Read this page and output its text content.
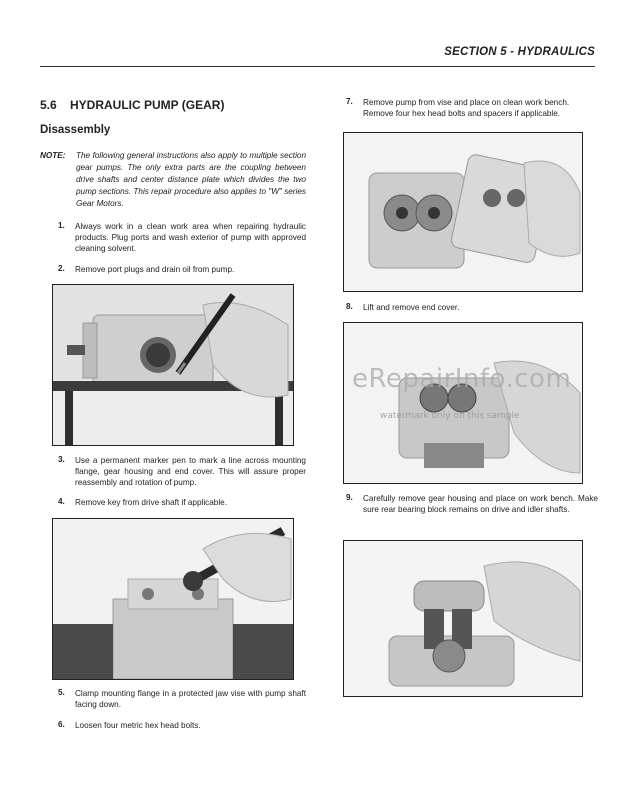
SECTION 5 - HYDRAULICS
5.6 HYDRAULIC PUMP (GEAR)
Disassembly
NOTE: The following general instructions also apply to multiple section gear pumps. The only extra parts are the coupling between drive shafts and center distance plate which divides the two pump sections. This repair procedure also applies to "W" series Gear Motors.
1. Always work in a clean work area when repairing hydraulic products. Plug ports and wash exterior of pump with approved cleaning solvent.
2. Remove port plugs and drain oil from pump.
3. Use a permanent marker pen to mark a line across mounting flange, gear housing and end cover. This will assure proper reassembly and rotation of pump.
4. Remove key from drive shaft if applicable.
5. Clamp mounting flange in a protected jaw vise with pump shaft facing down.
6. Loosen four metric hex head bolts.
7. Remove pump from vise and place on clean work bench. Remove four hex head bolts and spacers if applicable.
8. Lift and remove end cover.
9. Carefully remove gear housing and place on work bench. Make sure rear bearing block remains on drive and idler shafts.
eRepairInfo.com
watermark only on this sample
